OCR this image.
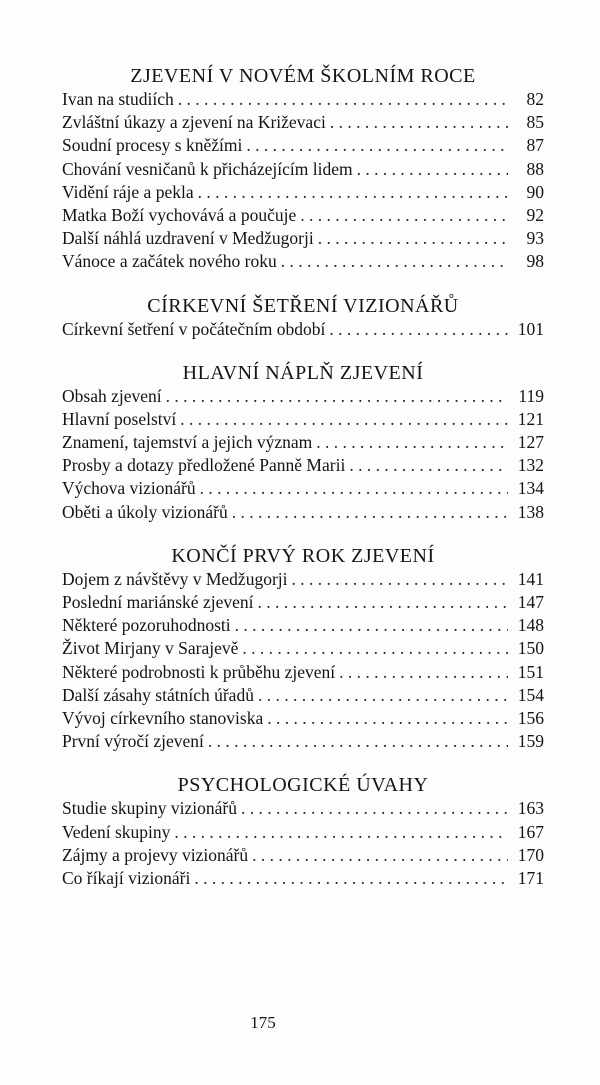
ZJEVENÍ V NOVÉM ŠKOLNÍM ROCE
Ivan na studiích . . .	82
Zvláštní úkazy a zjevení na Križevaci . . .	85
Soudní procesy s kněžími . . .	87
Chování vesničanů k přicházejícím lidem . . .	88
Vidění ráje a pekla . . .	90
Matka Boží vychovává a poučuje . . .	92
Další náhlá uzdravení v Medžugorji . . .	93
Vánoce a začátek nového roku . . .	98
CÍRKEVNÍ ŠETŘENÍ VIZIONÁŘŮ
Církevní šetření v počátečním období . . .	101
HLAVNÍ NÁPLŇ ZJEVENÍ
Obsah zjevení . . .	119
Hlavní poselství . . .	121
Znamení, tajemství a jejich význam . . .	127
Prosby a dotazy předložené Panně Marii . . .	132
Výchova vizionářů . . .	134
Oběti a úkoly vizionářů . . .	138
KONČÍ PRVÝ ROK ZJEVENÍ
Dojem z návštěvy v Medžugorji . . .	141
Poslední mariánské zjevení . . .	147
Některé pozoruhodnosti . . .	148
Život Mirjany v Sarajevě . . .	150
Některé podrobnosti k průběhu zjevení . . .	151
Další zásahy státních úřadů . . .	154
Vývoj církevního stanoviska . . .	156
První výročí zjevení . . .	159
PSYCHOLOGICKÉ ÚVAHY
Studie skupiny vizionářů . . .	163
Vedení skupiny . . .	167
Zájmy a projevy vizionářů . . .	170
Co říkají vizionáři . . .	171
175
